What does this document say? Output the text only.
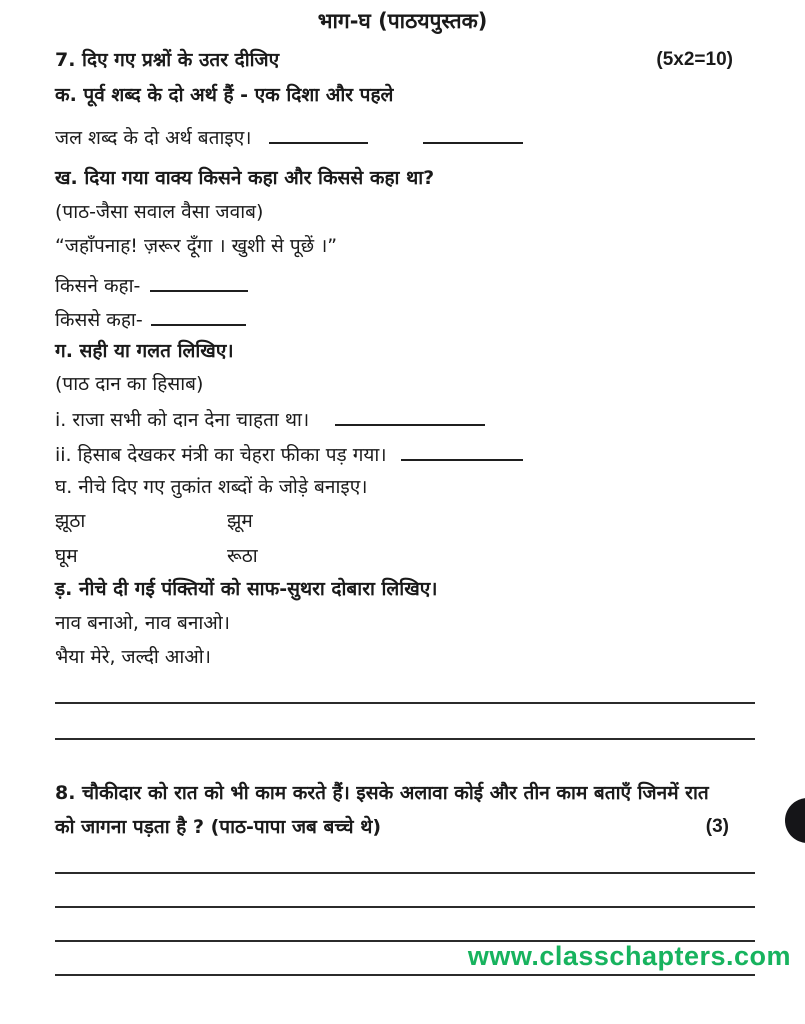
भाग-घ (पाठयपुस्तक)
7. दिए गए प्रश्नों के उतर दीजिए	(5x2=10)
क. पूर्व शब्द के दो अर्थ हैं - एक दिशा और पहले
जल शब्द के दो अर्थ बताइए।
ख. दिया गया वाक्य किसने कहा और किससे कहा था?
(पाठ-जैसा सवाल वैसा जवाब)
“जहाँपनाह! ज़रूर दूँगा । खुशी से पूछें ।”
किसने कहा-
किससे कहा-
ग. सही या गलत लिखिए।
(पाठ दान का हिसाब)
i. राजा सभी को दान देना चाहता था।
ii. हिसाब देखकर मंत्री का चेहरा फीका पड़ गया।
घ. नीचे दिए गए तुकांत शब्दों के जोड़े बनाइए।
झूठा	झूम
घूम	रूठा
ड़. नीचे दी गई पंक्तियों को साफ-सुथरा दोबारा लिखिए।
नाव बनाओ, नाव बनाओ।
भैया मेरे, जल्दी आओ।
8. चौकीदार को रात को भी काम करते हैं। इसके अलावा कोई और तीन काम बताएँ जिनमें रात
को जागना पड़ता है ? (पाठ-पापा जब बच्चे थे)	(3)
www.classchapters.com
